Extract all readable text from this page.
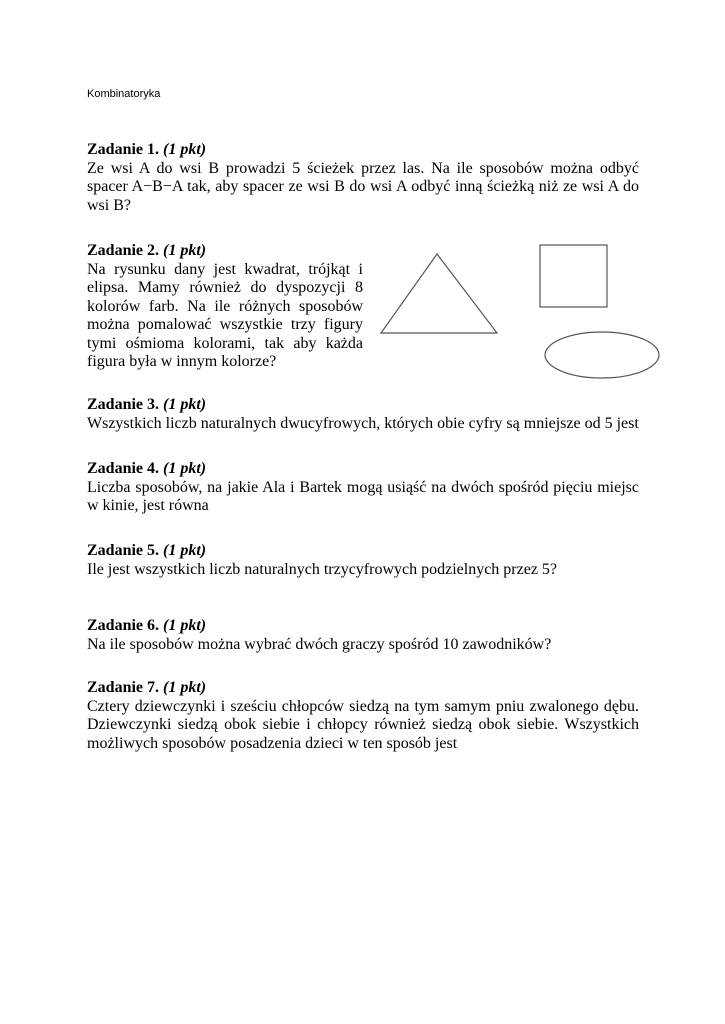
Kombinatoryka
Zadanie 1. (1 pkt)

Ze wsi A do wsi B prowadzi 5 ścieżek przez las. Na ile sposobów można odbyć spacer A−B−A tak, aby spacer ze wsi B do wsi A odbyć inną ścieżką niż ze wsi A do wsi B?

Zadanie 2. (1 pkt)

Na rysunku dany jest kwadrat, trójkąt i elipsa. Mamy również do dyspozycji 8 kolorów farb. Na ile różnych sposobów można pomalować wszystkie trzy figury tymi ośmioma kolorami, tak aby każda figura była w innym kolorze?

Zadanie 3. (1 pkt)

Wszystkich liczb naturalnych dwucyfrowych, których obie cyfry są mniejsze od 5 jest

Zadanie 4. (1 pkt)

Liczba sposobów, na jakie Ala i Bartek mogą usiąść na dwóch spośród pięciu miejsc w kinie, jest równa

Zadanie 5. (1 pkt)

Ile jest wszystkich liczb naturalnych trzycyfrowych podzielnych przez 5?

Zadanie 6. (1 pkt)

Na ile sposobów można wybrać dwóch graczy spośród 10 zawodników?

Zadanie 7. (1 pkt)

Cztery dziewczynki i sześciu chłopców siedzą na tym samym pniu zwalonego dębu. Dziewczynki siedzą obok siebie i chłopcy również siedzą obok siebie. Wszystkich możliwych sposobów posadzenia dzieci w ten sposób jest
